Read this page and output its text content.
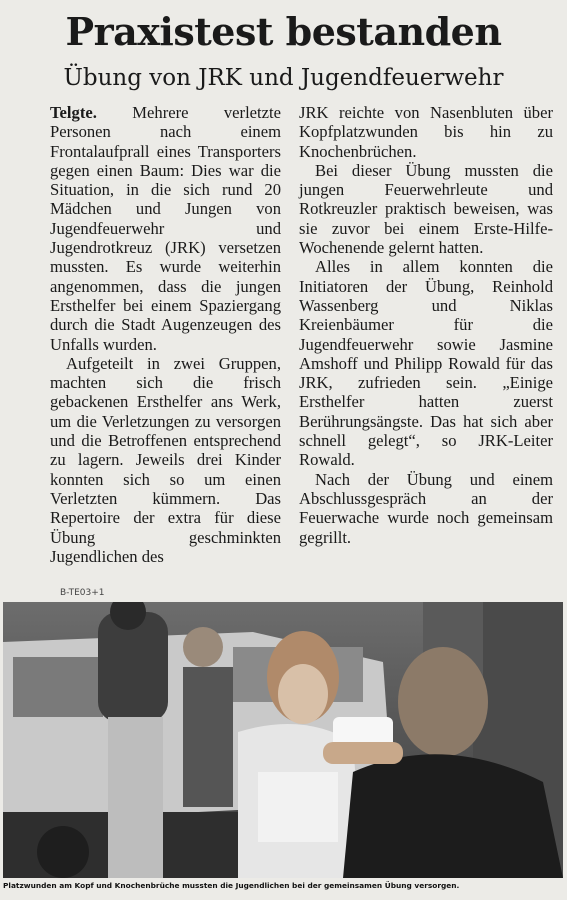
Praxistest bestanden
Übung von JRK und Jugendfeuerwehr

Telgte. Mehrere verletzte Personen nach einem Frontalaufprall eines Transporters gegen einen Baum: Dies war die Situation, in die sich rund 20 Mädchen und Jungen von Jugendfeuerwehr und Jugendrotkreuz (JRK) versetzen mussten. Es wurde weiterhin angenommen, dass die jungen Ersthelfer bei einem Spaziergang durch die Stadt Augenzeugen des Unfalls wurden.

Aufgeteilt in zwei Gruppen, machten sich die frisch gebackenen Ersthelfer ans Werk, um die Verletzungen zu versorgen und die Betroffenen entsprechend zu lagern. Jeweils drei Kinder konnten sich so um einen Verletzten kümmern. Das Repertoire der extra für diese Übung geschminkten Jugendlichen des

JRK reichte von Nasenbluten über Kopfplatzwunden bis hin zu Knochenbrüchen.

Bei dieser Übung mussten die jungen Feuerwehrleute und Rotkreuzler praktisch beweisen, was sie zuvor bei einem Erste-Hilfe-Wochenende gelernt hatten.

Alles in allem konnten die Initiatoren der Übung, Reinhold Wassenberg und Niklas Kreienbäumer für die Jugendfeuerwehr sowie Jasmine Amshoff und Philipp Rowald für das JRK, zufrieden sein. „Einige Ersthelfer hatten zuerst Berührungsängste. Das hat sich aber schnell gelegt“, so JRK-Leiter Rowald.

Nach der Übung und einem Abschlussgespräch an der Feuerwache wurde noch gemeinsam gegrillt.

B-TE03+1
Platzwunden am Kopf und Knochenbrüche mussten die Jugendlichen bei der gemeinsamen Übung versorgen.
